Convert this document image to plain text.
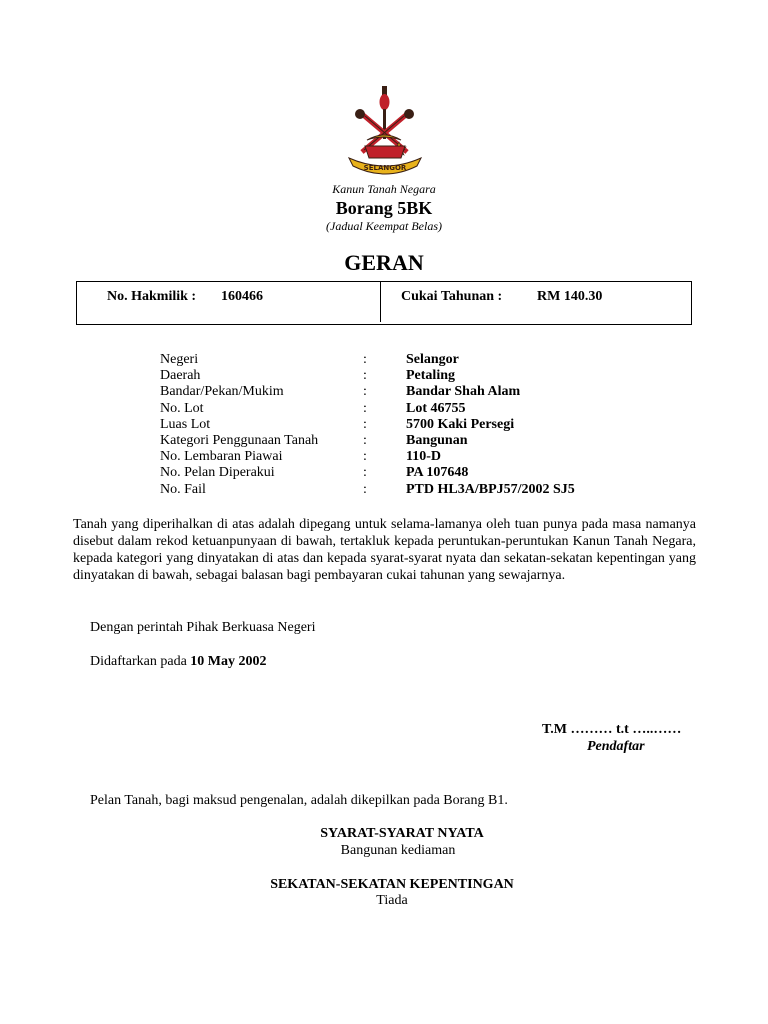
SELANGOR
Kanun Tanah Negara
Borang 5BK
(Jadual Keempat Belas)
GERAN
No. Hakmilik : 160466	Cukai Tahunan : RM 140.30
Negeri	:	Selangor
Daerah	:	Petaling
Bandar/Pekan/Mukim	:	Bandar Shah Alam
No. Lot	:	Lot 46755
Luas Lot	:	5700 Kaki Persegi
Kategori Penggunaan Tanah	:	Bangunan
No. Lembaran Piawai	:	110-D
No. Pelan Diperakui	:	PA 107648
No. Fail	:	PTD HL3A/BPJ57/2002 SJ5
Tanah yang diperihalkan di atas adalah dipegang untuk selama-lamanya oleh tuan punya pada masa namanya disebut dalam rekod ketuanpunyaan di bawah, tertakluk kepada peruntukan-peruntukan Kanun Tanah Negara, kepada kategori yang dinyatakan di atas dan kepada syarat-syarat nyata dan sekatan-sekatan kepentingan yang dinyatakan di bawah, sebagai balasan bagi pembayaran cukai tahunan yang sewajarnya.
Dengan perintah Pihak Berkuasa Negeri
Didaftarkan pada 10 May 2002
T.M ……… t.t …..……
Pendaftar
Pelan Tanah, bagi maksud pengenalan, adalah dikepilkan pada Borang B1.
SYARAT-SYARAT NYATA
Bangunan kediaman
SEKATAN-SEKATAN KEPENTINGAN
Tiada
